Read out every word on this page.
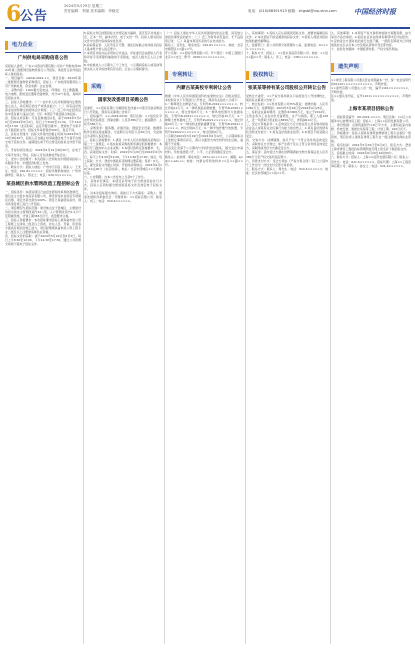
6
公告
2024年5月29日 星期三
责任编辑：李丽 美术编辑：李晓光	电话：(010)68391913 邮箱：zhgsbl@vip.sina.com 中国经济时报
电力企业
广州供电局采购信息公告

受招标人委托，广东××招标代理有限公司对广州供电局2024年第二批配网设备物资进行公开招标，欢迎符合条件的投标人参加投标。

一、项目编号：GZGD-2024-××，项目名称：2024年第二批配网设备物资采购项目，招标人：广东电网有限责任公司广州供电局，资金来源：企业自筹。

二、采购内容：10kV箱式变电站、环网柜、柱上断路器、电力电缆、配电变压器等设备物资，共分12个标包，具体详见招标文件。

三、投标人资格要求：（一）在中华人民共和国境内注册的独立法人，具有相应的生产或供货能力；（二）具有良好的商业信誉和健全的财务会计制度；（三）近三年内在经营活动中没有重大违法记录；（四）本项目不接受联合体投标。

四、招标文件获取：凡有意参加投标者，请于2024年5月29日至2024年6月4日，每日上午9:00至11:30，下午14:00至17:00（北京时间，法定节假日除外），登录电子交易平台下载招标文件。招标文件每套售价500元，售后不退。

五、投标文件递交：投标文件递交的截止时间为2024年6月19日9时30分，投标人应在截止时间前通过电子交易平台递交电子投标文件。逾期送达或不符合规定的投标文件恕不接受。

六、开标时间及地点：2024年6月19日9时30分，在电子交易平台线上开标，投标人可在线参加开标会议。

七、发布公告的媒介：本次招标公告同时在中国招标投标公共服务平台、中国经济时报上发布。

八、联系方式：招标人地址：广州市天河区；联系人：王先生；电话：020-8××××××；招标代理机构地址：广州市越秀区；联系人：陈女士；电话：020-3××××××。

某县城区供水管网改造工程招标公告

一、招标条件：本招标项目已由县发展和改革局批准建设，项目业主为县水务投资有限公司，建设资金来自政府专项债及自筹，项目出资比例为100%。项目已具备招标条件，现对该项目施工进行公开招标。

二、项目概况与招标范围：建设地点位于县城区，主要建设内容为供水主管网改造约32公里，入户管网改造约1.2万户及附属设施，计划工期365日历天，质量要求合格。

三、投标人资格要求：本次招标要求投标人须具备市政公用工程施工总承包二级及以上资质，并在人员、设备、资金等方面具有相应的施工能力，项目经理须具备市政公用工程专业二级及以上注册建造师执业资格。

四、招标文件的获取：请于2024年5月29日至6月3日，每日上午8:30至12:00，下午14:30至17:30，通过公共资源交易网下载电子招标文件。

5.投标文件应按照招标文件规定格式编制，逐页签字并加盖公章，正本一份，副本四份，电子文档一份。投标人须对投标文件中全部内容的真实性负责。

6.投标保证金：人民币伍万元整，须在投标截止时间前从投标人基本账户转入指定账户。

7.本项目评标办法采用综合评估法，评标委员会由招标人代表和评标专家库随机抽取的专家组成，成员人数为五人以上单数。

8.中标候选人公示期为三个工作日，公示期间投标人或其他利害关系人对评标结果有异议的，应在公示期间提出。

采购
国家发改委项目采购公告

受委托，××招标有限公司就国家发改委××项目设备采购进行公开招标，现将有关事项公告如下：

一、招标编号：××-2024-0518；项目名称：××信息化平台升级改造项目；预算金额：人民币386万元；最高限价：人民币386万元。

二、采购需求：服务器、存储设备、网络安全设备、数据库软件及相关集成服务，交货期为合同签订后60日内，交货地点为采购人指定地点。

三、投标人资格要求：1.满足《中华人民共和国政府采购法》第二十二条规定；2.落实政府采购政策需满足的资格要求：本项目专门面向中小企业采购；3.本项目的特定资格要求：无。

四、获取招标文件：时间：2024年5月29日至2024年6月5日，每天上午9:00至12:00，下午13:30至17:00；地点：线上获取；方式：登录中国政府采购网注册获取；售价：0元。

五、提交投标文件截止时间、开标时间和地点：2024年6月19日14点00分（北京时间），地点：北京市西城区××大厦会议室。

六、公告期限：自本公告发布之日起5个工作日。

七、其他补充事宜：本项目采用电子化与纸质投标并行方式，投标人应同时提交纸质版投标文件及加密电子投标文件。

八、对本次招标提出询问，请按以下方式联系：采购人：国家发展和改革委员会；代理机构：××招标有限公司；联系人：刘工；电话：010-6××××××。

（一）投标人须在中华人民共和国境内依法注册，具有独立承担民事责任的能力；（二）近三年财务状况良好，无不良信用记录；（三）具备本项目所需的专业技术能力。

联系人：张先生，联系电话：010-8××××××，地址：北京市朝阳区××路××号。

开户名称：××招标代理有限公司；开户银行：中国工商银行北京××支行；账号：0200××××××××××。

专利转让
内蒙古某高校专利转让公告

根据《中华人民共和国促进科技成果转化法》及相关规定，本校拟对以下专利进行公开转让，现将有关信息公示如下：

1.一种草原生态修复方法，专利号ZL2019××××××.×，转让价格12万元；2.一种乳制品检测装置，专利号ZL2020××××××.×，转让价格8万元；3.一种风电机组叶片监测系统，专利号ZL2021××××××.×，转让价格15万元；4.一种稀土材料提纯工艺，专利号ZL2021××××××.×，转让价格20万元；5.一种农牧业智能灌溉设备，专利号ZL2022××××××.×，转让价格6万元；6.一种羊绒纤维分选装置，专利号ZL2022××××××.×，转让价格9万元。

公示期为2024年5月29日至2024年6月12日，公示期间如对上述转让事项有异议，请以书面形式向学校科技处反映，逾期不予受理。

有意受让者请于公示期内与学校科技处联系，提交受让申请材料，学校将按照公开、公平、公正原则确定受让方。

联系人：赵老师；联系电话：0471-4××××××；邮箱：kjc@××.edu.cn；地址：内蒙古呼和浩特市××区××路××号。

八、其他事项：1.投标人应认真阅读招标文件，按要求编制投标文件；2.本次招标不接受邮寄的投标文件；3.招标人保留对招标结果的最终解释权。

九、监督部门：县公共资源交易管理办公室，监督电话：0××××-××××××。

十、联系方式：招标人：××县水务投资有限公司；地址：××县××路××号；联系人：李工；电话：138××××××××。

股权转让
张某某等持有某公司股权公开转让公告

受转让方委托，××产权交易所就以下标的进行公开挂牌转让，现将有关事项公告如下：

一、转让标的：××科技有限公司35%股权；挂牌价格：人民币1280万元；挂牌期间：2024年5月29日至2024年6月25日。

二、标的企业基本情况：注册资本3000万元，成立于2012年，主营业务为工业自动化设备研发、生产与销售，职工人数128人，近一年经审计营业收入8650万元，净利润612万元。

三、受让方资格条件：1.意向受让方应为依法设立并有效存续的企业法人或具有完全民事行为能力的自然人；2.具有良好的财务状况和支付能力；3.具有良好的商业信用；4.本项目不接受联合受让。

四、交易方式：挂牌期满，如只产生一个符合条件的意向受让方，采取协议方式转让；如产生两个及以上符合条件的意向受让方，采取网络竞价方式确定受让方。

五、保证金：意向受让方须在挂牌期满前交纳交易保证金人民币380万元至产权交易所指定账户。

六、价款支付方式：受让方须在《产权交易合同》签订之日起5个工作日内一次性支付全部交易价款。

七、联系方式：联系人：周先生；电话：010-5××××××；地址：北京市西城区××街××号。

九、其他事项：1.本项目产权交易机构收取交易服务费，由交易双方各自承担；2.标的企业存在的或有事项详见评估报告；3.意向受让方须对标的进行全面了解，一经报名即视为已详细阅读并完全认可本公告及相关资料所列全部内容。

十、信息发布媒体：中国经济时报、产权交易所网站。

遗失声明

××建设工程有限公司遗失营业执照副本一份，统一社会信用代码91110××××××××××××，声明作废。

××商贸有限公司遗失公章一枚，编号1101××××××××，声明作废。

张××遗失身份证，证号1101××××××××××××，声明作废。

上海市某项目招标公告

一、招标项目编号：SH-2024-××××；项目名称：××区公共服务中心装修改造工程；招标人：上海××投资发展有限公司。

二、建设规模：总建筑面积约1.8万平方米，主要包括室内装修、机电安装、智能化系统等工程；计划工期：210日历天。

三、资格要求：投标人须具有建筑装修装饰工程专业承包一级资质，项目负责人须具有建筑工程专业一级注册建造师执业资格。

四、报名时间：2024年5月29日至6月4日，报名方式：登录上海市建设工程招投标管理网进行网上报名并下载招标文件。

五、投标截止时间：2024年6月20日10时00分。

六、联系方式：招标人：上海××投资发展有限公司；联系人：吴先生；电话：021-5××××××。招标代理：上海××工程咨询有限公司；联系人：孙女士；电话：021-6××××××。
